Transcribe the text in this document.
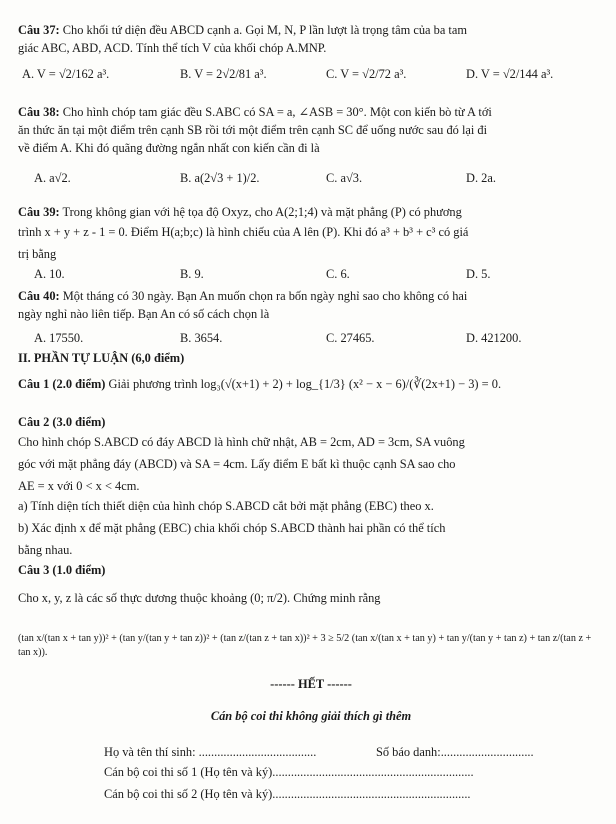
Câu 37: Cho khối tứ diện đều ABCD cạnh a. Gọi M, N, P lần lượt là trọng tâm của ba tam
giác ABC, ABD, ACD. Tính thể tích V của khối chóp A.MNP.
A. V = √2/162 a³.	B. V = 2√2/81 a³.	C. V = √2/72 a³.	D. V = √2/144 a³.
Câu 38: Cho hình chóp tam giác đều S.ABC có SA = a, ∠ASB = 30°. Một con kiến bò từ A tới
ăn thức ăn tại một điểm trên cạnh SB rồi tới một điểm trên cạnh SC để uống nước sau đó lại đi
về điểm A. Khi đó quãng đường ngắn nhất con kiến cần đi là
A. a√2.	B. a(2√3 + 1)/2.	C. a√3.	D. 2a.
Câu 39: Trong không gian với hệ tọa độ Oxyz, cho A(2;1;4) và mặt phẳng (P) có phương
trình x + y + z - 1 = 0. Điểm H(a;b;c) là hình chiếu của A lên (P). Khi đó a³ + b³ + c³ có giá
trị bằng
A. 10.	B. 9.	C. 6.	D. 5.
Câu 40: Một tháng có 30 ngày. Bạn An muốn chọn ra bốn ngày nghỉ sao cho không có hai
ngày nghỉ nào liên tiếp. Bạn An có số cách chọn là
A. 17550.	B. 3654.	C. 27465.	D. 421200.
II. PHẦN TỰ LUẬN (6,0 điểm)
Câu 1 (2.0 điểm) Giải phương trình log₃(√(x+1) + 2) + log_{1/3} (x² − x − 6)/(∛(2x+1) − 3) = 0.
Câu 2 (3.0 điểm)
Cho hình chóp S.ABCD có đáy ABCD là hình chữ nhật, AB = 2cm, AD = 3cm, SA vuông
góc với mặt phẳng đáy (ABCD) và SA = 4cm. Lấy điểm E bất kì thuộc cạnh SA sao cho
AE = x với 0 < x < 4cm.
a) Tính diện tích thiết diện của hình chóp S.ABCD cắt bởi mặt phẳng (EBC) theo x.
b) Xác định x để mặt phẳng (EBC) chia khối chóp S.ABCD thành hai phần có thể tích
bằng nhau.
Câu 3 (1.0 điểm)
Cho x, y, z là các số thực dương thuộc khoảng (0; π/2). Chứng minh rằng
(tan x/(tan x + tan y))² + (tan y/(tan y + tan z))² + (tan z/(tan z + tan x))² + 3 ≥ 5/2 (tan x/(tan x + tan y) + tan y/(tan y + tan z) + tan z/(tan z + tan x)).
------ HẾT ------
Cán bộ coi thi không giải thích gì thêm
Họ và tên thí sinh: ......................................	Số báo danh:..............................
Cán bộ coi thi số 1 (Họ tên và ký).................................................................
Cán bộ coi thi số 2 (Họ tên và ký)................................................................
